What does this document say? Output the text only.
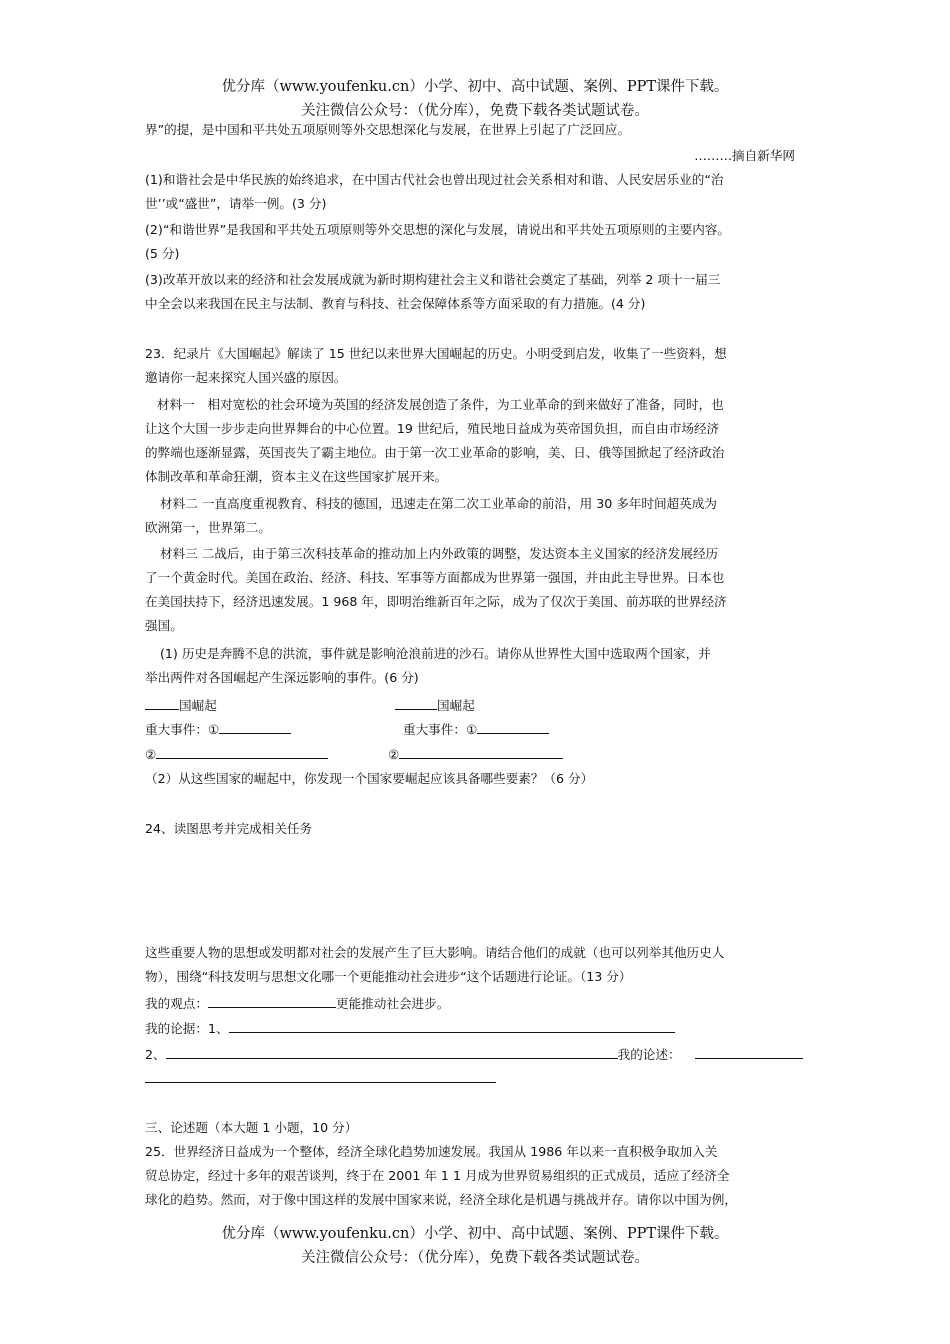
优分库（www.youfenku.cn）小学、初中、高中试题、案例、PPT课件下载。
关注微信公众号：（优分库），免费下载各类试题试卷。
界”的提，是中国和平共处五项原则等外交思想深化与发展，在世界上引起了广泛回应。
………摘自新华网
(1)和谐社会是中华民族的始终追求，在中国古代社会也曾出现过社会关系相对和谐、人民安居乐业的“治
世’’或“盛世”，请举一例。(3 分)
(2)“和谐世界”是我国和平共处五项原则等外交思想的深化与发展，请说出和平共处五项原则的主要内容。
(5 分)
(3)改革开放以来的经济和社会发展成就为新时期构建社会主义和谐社会奠定了基础，列举 2 项十一届三
中全会以来我国在民主与法制、教育与科技、社会保障体系等方面采取的有力措施。(4 分)
23．纪录片《大国崛起》解读了 15 世纪以来世界大国崛起的历史。小明受到启发，收集了一些资料，想
邀请你一起来探究人国兴盛的原因。
材料一　相对宽松的社会环境为英国的经济发展创造了条件，为工业革命的到来做好了准备，同时，也
让这个大国一步步走向世界舞台的中心位置。19 世纪后，殖民地日益成为英帝国负担，而自由市场经济
的弊端也逐渐显露，英国丧失了霸主地位。由于第一次工业革命的影响，美、日、俄等国掀起了经济政治
体制改革和革命狂潮，资本主义在这些国家扩展开来。
材料二 一直高度重视教育、科技的德国，迅速走在第二次工业革命的前沿，用 30 多年时间超英成为
欧洲第一，世界第二。
材料三 二战后，由于第三次科技革命的推动加上内外政策的调整，发达资本主义国家的经济发展经历
了一个黄金时代。美国在政治、经济、科技、军事等方面都成为世界第一强国，并由此主导世界。日本也
在美国扶持下，经济迅速发展。1 968 年，即明治维新百年之际，成为了仅次于美国、前苏联的世界经济
强国。
(1) 历史是奔腾不息的洪流，事件就是影响沧浪前进的沙石。请你从世界性大国中选取两个国家，并
举出两件对各国崛起产生深远影响的事件。(6 分)
国崛起	国崛起
重大事件：①	重大事件：①
②	②
（2）从这些国家的崛起中，你发现一个国家要崛起应该具备哪些要素？（6 分）
24、读图思考并完成相关任务
这些重要人物的思想或发明都对社会的发展产生了巨大影响。请结合他们的成就（也可以列举其他历史人
物），围绕“科技发明与思想文化哪一个更能推动社会进步“这个话题进行论证。（13 分）
我的观点：	更能推动社会进步。
我的论据：1、
2、	我的论述：
三、论述题（本大题 1 小题，10 分）
25．世界经济日益成为一个整体，经济全球化趋势加速发展。我国从 1986 年以来一直积极争取加入关
贸总协定，经过十多年的艰苦谈判，终于在 2001 年 1 1 月成为世界贸易组织的正式成员，适应了经济全
球化的趋势。然而，对于像中国这样的发展中国家来说，经济全球化是机遇与挑战并存。请你以中国为例，
优分库（www.youfenku.cn）小学、初中、高中试题、案例、PPT课件下载。
关注微信公众号：（优分库），免费下载各类试题试卷。
